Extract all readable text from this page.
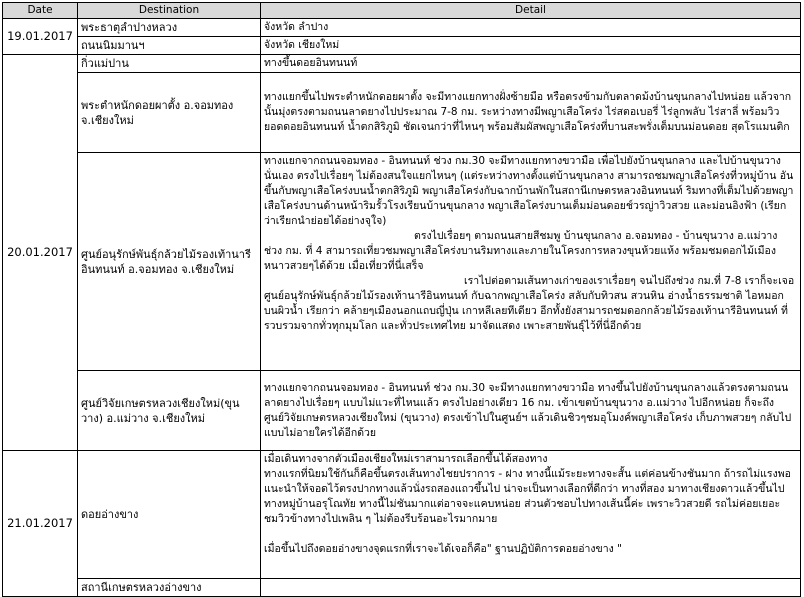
Date	Destination	Detail
19.01.2017	พระธาตุลำปางหลวง	จังหวัด ลำปาง

	ถนนนิมมานฯ	จังหวัด เชียงใหม่

20.01.2017	กิ่วแม่ปาน	ทางขึ้นดอยอินทนนท์

	พระตำหนักดอยผาตั้ง อ.จอมทอง จ.เชียงใหม่	ทางแยกขึ้นไปพระตำหนักดอยผาตั้ง จะมีทางแยกทางฝั่งซ้ายมือ หรือตรงข้ามกับตลาดม้งบ้านขุนกลางไปหน่อย แล้วจากนั้นมุ่งตรงตามถนนลาดยางไปประมาณ 7-8 กม. ระหว่างทางมีพญาเสือโคร่ง ไร่สตอเบอรี่ ไร่ลูกพลับ ไร่สาลี่ พร้อมวิวยอดดอยอินทนนท์ น้ำตกสิริภูมิ ชัดเจนกว่าที่ไหนๆ พร้อมสัมผัสพญาเสือโคร่งที่บานสะพรั่งเต็มบนม่อนดอย สุดโรแมนติก

	ศูนย์อนุรักษ์พันธุ์กล้วยไม้รองเท้านารีอินทนนท์ อ.จอมทอง จ.เชียงใหม่	ทางแยกจากถนนจอมทอง - อินทนนท์ ช่วง กม.30 จะมีทางแยกทางขวามือ เพื่อไปยังบ้านขุนกลาง และไปบ้านขุนวาง นั่นเอง ตรงไปเรื่อยๆ ไม่ต้องสนใจแยกไหนๆ (แต่ระหว่างทางตั้งแต่บ้านขุนกลาง สามารถชมพญาเสือโคร่งที่วหมู่บ้าน อันขึ้นกับพญาเสือโคร่งบนน้ำตกสิริภูมิ พญาเสือโคร่งกับฉากบ้านพักในสถานีเกษตรหลวงอินทนนท์ ริมทางที่เต็มไปด้วยพญาเสือโคร่งบานด้านหน้าริมรั้วโรงเรียนบ้านขุนกลาง พญาเสือโคร่งบานเต็มม่อนดอยช์วรญ่าวิวสวย และม่อนอิงฟ้า (เรียกว่าเรียกนำย่อยได้อย่างจุใจ)
ตรงไปเรื่อยๆ ตามถนนสายสีชมพู บ้านขุนกลาง อ.จอมทอง - บ้านขุนวาง อ.แม่วาง ช่วง กม. ที่ 4 สามารถเที่ยวชมพญาเสือโคร่งบานริมทางและภายในโครงการหลวงขุนห้วยแห้ง พร้อมชมดอกไม้เมืองหนาวสวยๆได้ด้วย เมื่อเที่ยวที่นี่เสร็จ
เราไปต่อตามเส้นทางเก่าของเราเรื่อยๆ จนไปถึงช่วง กม.ที่ 7-8 เราก็จะเจอศูนย์อนุรักษ์พันธุ์กล้วยไม้รองเท้านารีอินทนนท์ กับฉากพญาเสือโคร่ง สลับกับทิวสน สวนหิน อ่างน้ำธรรมชาติ ไอหมอกบนผิวน้ำ เรียกว่า คล้ายๆเมืองนอกแถบญี่ปุ่น เกาหลีเลยทีเดียว อีกทั้งยังสามารถชมดอกกล้วยไม้รองเท้านารีอินทนนท์ ที่รวบรวมจากทั่วทุกมุมโลก และทั่วประเทศไทย มาจัดแสดง เพาะสายพันธุ์ไว้ที่นี่อีกด้วย

	ศูนย์วิจัยเกษตรหลวงเชียงใหม่(ขุนวาง) อ.แม่วาง จ.เชียงใหม่	ทางแยกจากถนนจอมทอง - อินทนนท์ ช่วง กม.30 จะมีทางแยกทางขวามือ ทางขึ้นไปยังบ้านขุนกลางแล้วตรงตามถนนลาดยางไปเรื่อยๆ แบบไม่แวะที่ไหนแล้ว ตรงไปอย่างเดียว 16 กม. เข้าเขตบ้านขุนวาง อ.แม่วาง ไปอีกหน่อย ก็จะถึงศูนย์วิจัยเกษตรหลวงเชียงใหม่ (ขุนวาง) ตรงเข้าไปในศูนย์ฯ แล้วเดินชิวๆชมอุโมงค์พญาเสือโคร่ง เก็บภาพสวยๆ กลับไปแบบไม่อายใครได้อีกด้วย

21.01.2017	ดอยอ่างขาง	เมื่อเดินทางจากตัวเมืองเชียงใหม่เราสามารถเลือกขึ้นได้สองทาง
ทางแรกที่นิยมใช้กันก็คือขึ้นตรงเส้นทางไชยปราการ - ฝาง ทางนี้แม้ระยะทางจะสั้น แต่ค่อนข้างชันมาก ถ้ารถไม่แรงพอแนะนำให้จอดไว้ตรงปากทางแล้วนั่งรถสองแถวขึ้นไป น่าจะเป็นทางเลือกที่ดีกว่า ทางที่สอง มาทางเชียงดาวแล้วขึ้นไปทางหมู่บ้านอรุโณทัย ทางนี้ไม่ชันมากแต่อาจจะแคบหน่อย ส่วนตัวชอบไปทางเส้นนี้ค่ะ เพราะวิวสวยดี รถไม่ค่อยเยอะ ชมวิวข้างทางไปเพลิน ๆ ไม่ต้องรีบร้อนอะไรมากมาย
เมื่อขึ้นไปถึงดอยอ่างขางจุดแรกที่เราจะได้เจอก็คือ" ฐานปฏิบัติการดอยอ่างขาง "

	สถานีเกษตรหลวงอ่างขาง	
